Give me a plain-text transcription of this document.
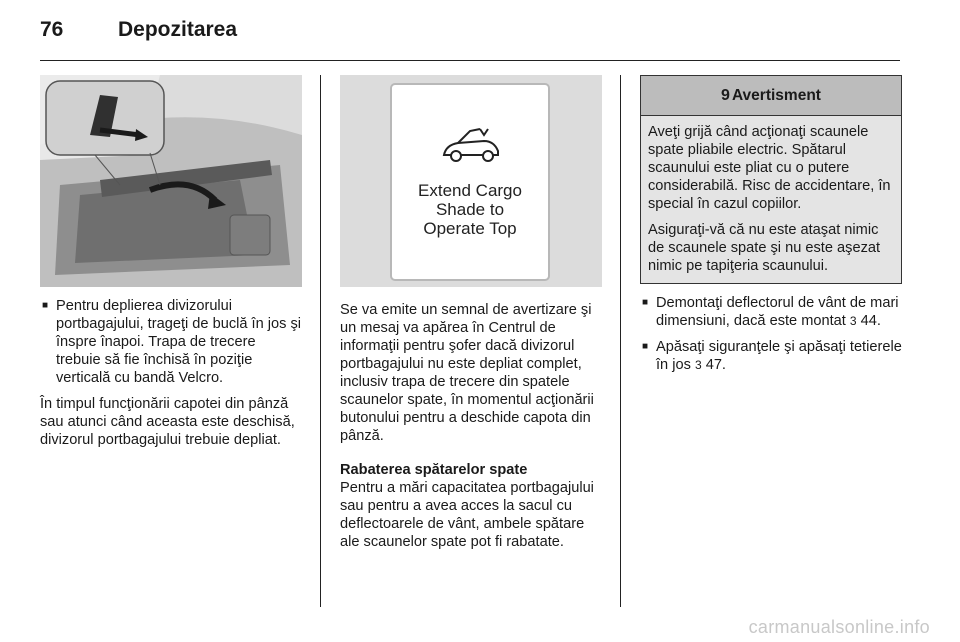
76	Depozitarea
■ Pentru deplierea divizorului portbagajului, trageţi de buclă în jos şi înspre înapoi. Trapa de trecere trebuie să fie închisă în poziţie verticală cu bandă Velcro.

În timpul funcţionării capotei din pânză sau atunci când aceasta este deschisă, divizorul portbagajului trebuie depliat.

Extend Cargo
Shade to
Operate Top

Se va emite un semnal de avertizare şi un mesaj va apărea în Centrul de informaţii pentru şofer dacă divizorul portbagajului nu este depliat complet, inclusiv trapa de trecere din spatele scaunelor spate, în momentul acţionării butonului pentru a deschide capota din pânză.

Rabaterea spătarelor spate

Pentru a mări capacitatea portbagajului sau pentru a avea acces la sacul cu deflectoarele de vânt, ambele spătare ale scaunelor spate pot fi rabatate.

9 Avertisment

Aveţi grijă când acţionaţi scaunele spate pliabile electric. Spătarul scaunului este pliat cu o putere considerabilă. Risc de accidentare, în special în cazul copiilor.

Asiguraţi-vă că nu este ataşat nimic de scaunele spate şi nu este aşezat nimic pe tapiţeria scaunului.

■ Demontaţi deflectorul de vânt de mari dimensiuni, dacă este montat 3 44.
■ Apăsaţi siguranţele şi apăsaţi tetierele în jos 3 47.
carmanualsonline.info
